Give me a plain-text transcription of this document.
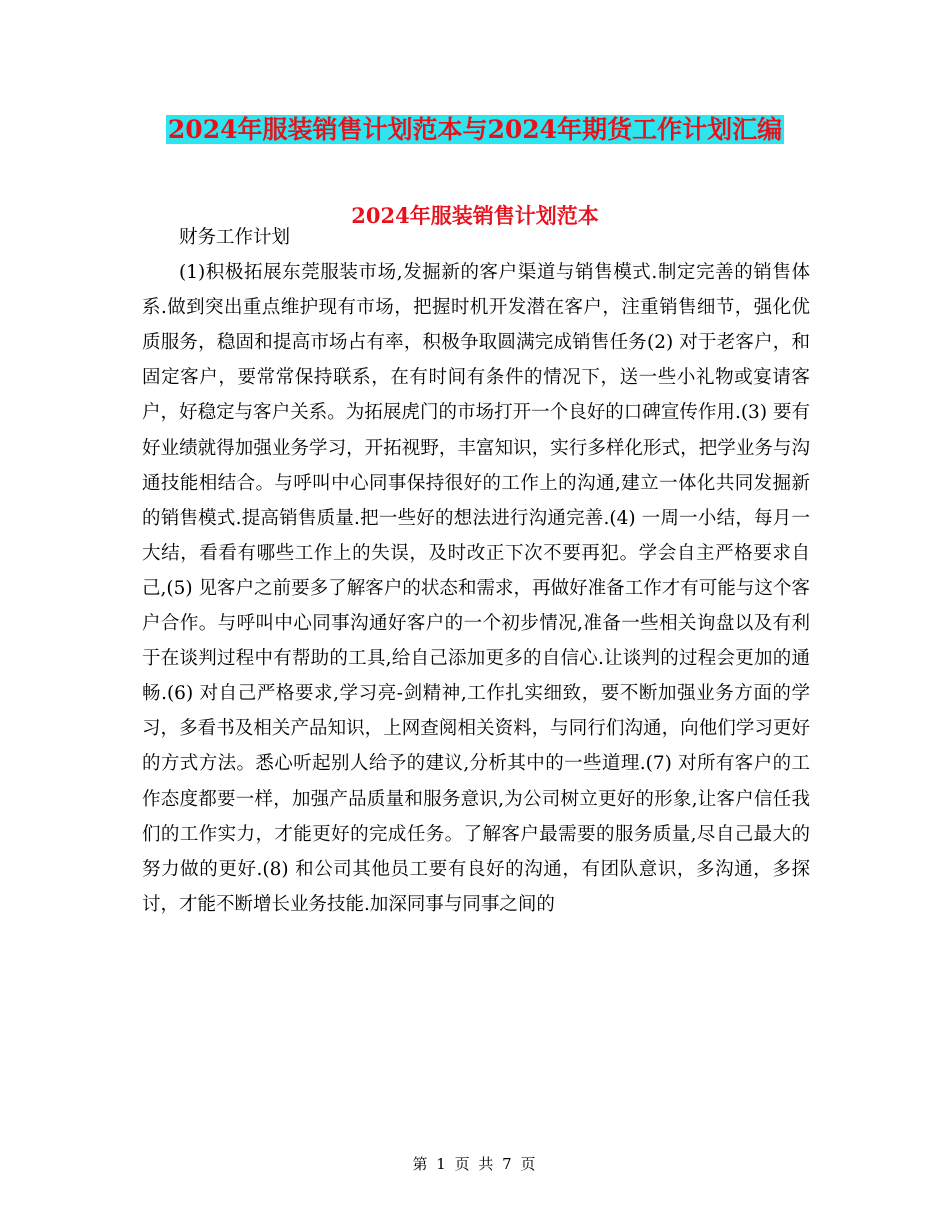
2024年服装销售计划范本与2024年期货工作计划汇编
2024年服装销售计划范本

财务工作计划

(1)积极拓展东莞服装市场,发掘新的客户渠道与销售模式.制定完善的销售体系.做到突出重点维护现有市场，把握时机开发潜在客户，注重销售细节，强化优质服务，稳固和提高市场占有率，积极争取圆满完成销售任务(2) 对于老客户，和固定客户，要常常保持联系，在有时间有条件的情况下，送一些小礼物或宴请客户，好稳定与客户关系。为拓展虎门的市场打开一个良好的口碑宣传作用.(3) 要有好业绩就得加强业务学习，开拓视野，丰富知识，实行多样化形式，把学业务与沟通技能相结合。与呼叫中心同事保持很好的工作上的沟通,建立一体化共同发掘新的销售模式.提高销售质量.把一些好的想法进行沟通完善.(4) 一周一小结，每月一大结，看看有哪些工作上的失误，及时改正下次不要再犯。学会自主严格要求自己,(5) 见客户之前要多了解客户的状态和需求，再做好准备工作才有可能与这个客户合作。与呼叫中心同事沟通好客户的一个初步情况,准备一些相关询盘以及有利于在谈判过程中有帮助的工具,给自己添加更多的自信心.让谈判的过程会更加的通畅.(6) 对自己严格要求,学习亮-剑精神,工作扎实细致，要不断加强业务方面的学习，多看书及相关产品知识，上网查阅相关资料，与同行们沟通，向他们学习更好的方式方法。悉心听起别人给予的建议,分析其中的一些道理.(7) 对所有客户的工作态度都要一样，加强产品质量和服务意识,为公司树立更好的形象,让客户信任我们的工作实力，才能更好的完成任务。了解客户最需要的服务质量,尽自己最大的努力做的更好.(8) 和公司其他员工要有良好的沟通，有团队意识，多沟通，多探讨，才能不断增长业务技能.加深同事与同事之间的

第 1 页 共 7 页
